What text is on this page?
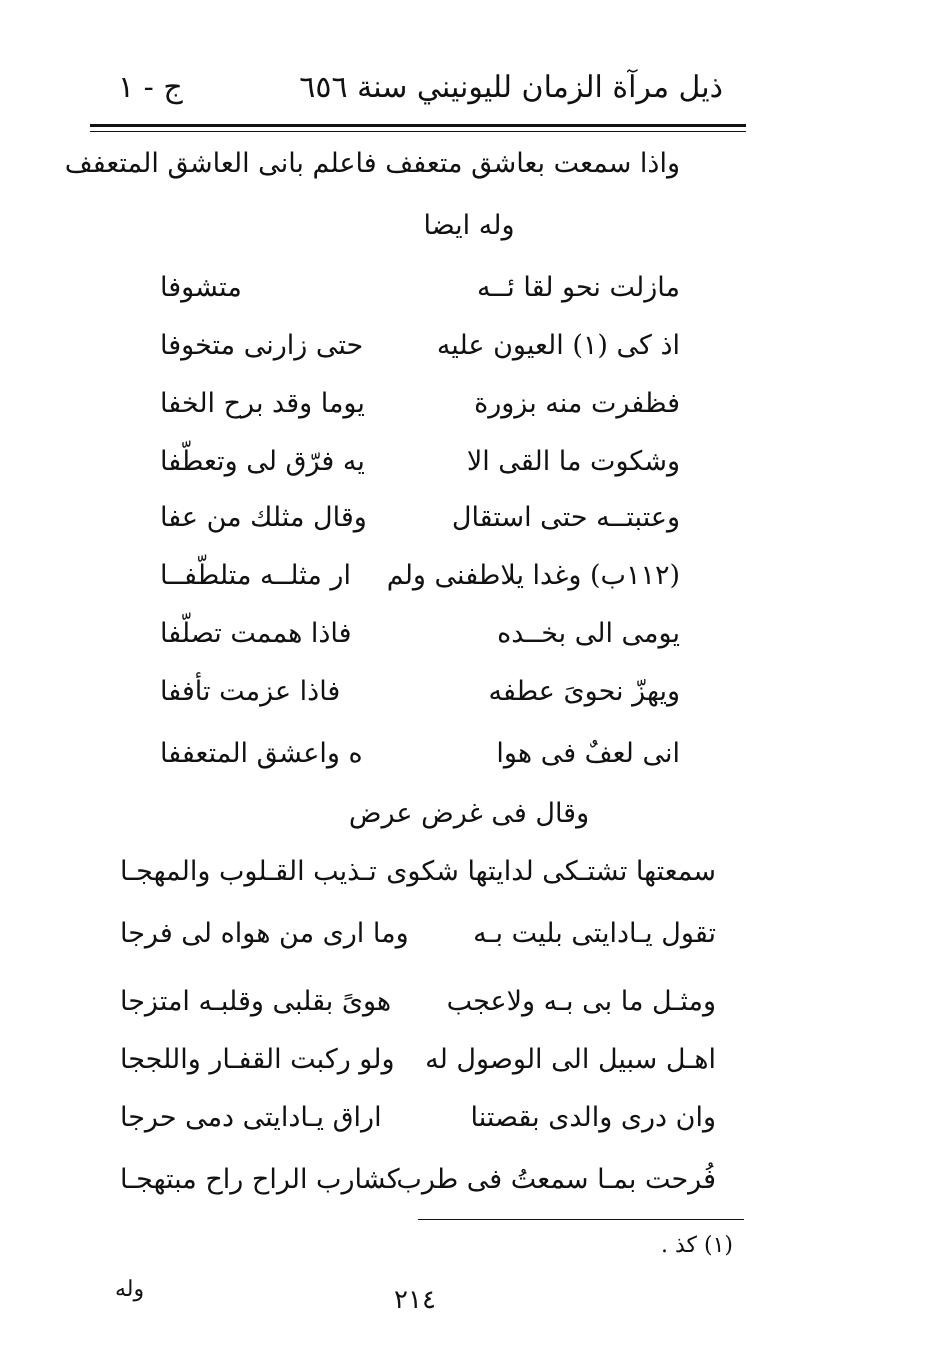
ذيل مرآة الزمان لليونيني سنة ٦٥٦
ج - ١
واذا سمعت بعاشق متعفف فاعلم بانى العاشق المتعفف
وله ايضا
مازلت نحو لقا ئــه
متشوفا
اذ كى (١) العيون عليه
حتى زارنى متخوفا
فظفرت منه بزورة
يوما وقد برح الخفا
وشكوت ما القى الا
يه فرّق لى وتعطّفا
وعتبتــه حتى استقال
وقال مثلك من عفا
(١١٢ب) وغدا يلاطفنى ولم
ار مثلــه متلطّفــا
يومى الى بخــده
فاذا هممت تصلّفا
ويهزّ نحوىَ عطفه
فاذا عزمت تأففا
انى لعفٌ فى هوا
ه واعشق المتعففا
وقال فى غرض عرض
سمعتها تشتـكى لدايتها شكوى
تـذيب القـلوب والمهجـا
تقول يـادايتى بليت بـه
وما ارى من هواه لى فرجا
ومثـل ما بى بـه ولاعجب
هوىً بقلبى وقلبـه امتزجا
اهـل سبيل الى الوصول له
ولو ركبت القفـار واللججا
وان درى والدى بقصتنا
اراق يـادايتى دمى حرجا
فُرحت بمـا سمعتُ فى طرب
كشارب الراح راح مبتهجـا
(١) كذ .
٢١٤
وله
